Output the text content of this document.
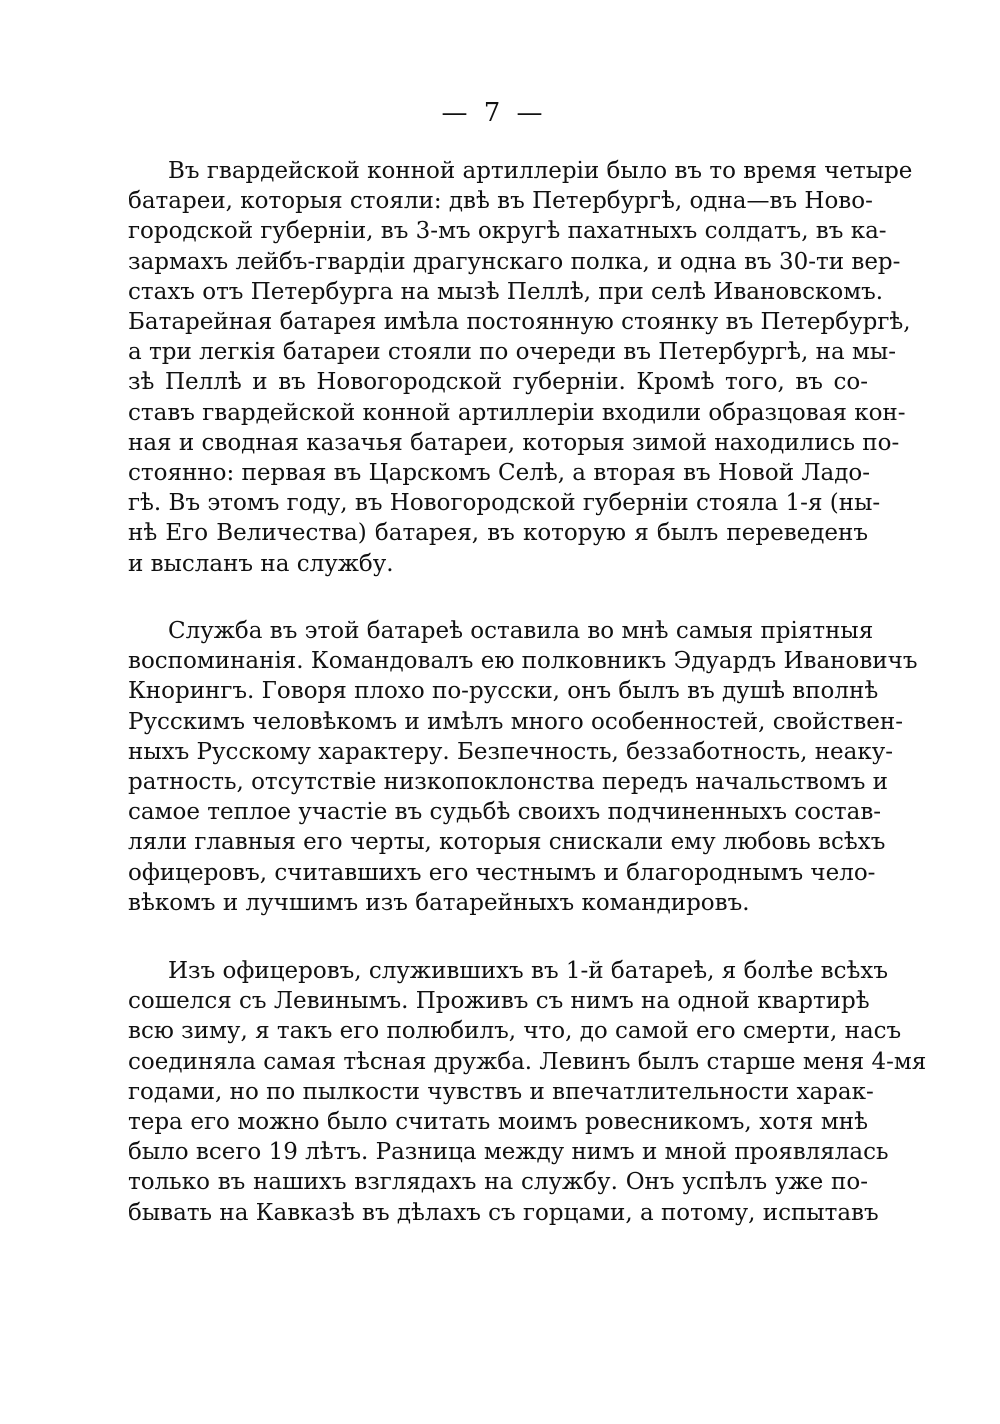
— 7 —
Въ гвардейской конной артиллеріи было въ то время четыре
батареи, которыя стояли: двѣ въ Петербургѣ, одна—въ Ново-
городской губерніи, въ 3-мъ округѣ пахатныхъ солдатъ, въ ка-
зармахъ лейбъ-гвардіи драгунскаго полка, и одна въ 30-ти вер-
стахъ отъ Петербурга на мызѣ Пеллѣ, при селѣ Ивановскомъ.
Батарейная батарея имѣла постоянную стоянку въ Петербургѣ,
а три легкія батареи стояли по очереди въ Петербургѣ, на мы-
зѣ Пеллѣ и въ Новогородской губерніи. Кромѣ того, въ со-
ставъ гвардейской конной артиллеріи входили образцовая кон-
ная и сводная казачья батареи, которыя зимой находились по-
стоянно: первая въ Царскомъ Селѣ, а вторая въ Новой Ладо-
гѣ. Въ этомъ году, въ Новогородской губерніи стояла 1-я (ны-
нѣ Его Величества) батарея, въ которую я былъ переведенъ
и высланъ на службу.
Служба въ этой батареѣ оставила во мнѣ самыя пріятныя
воспоминанія. Командовалъ ею полковникъ Эдуардъ Ивановичъ
Кнорингъ. Говоря плохо по-русски, онъ былъ въ душѣ вполнѣ
Русскимъ человѣкомъ и имѣлъ много особенностей, свойствен-
ныхъ Русскому характеру. Безпечность, беззаботность, неаку-
ратность, отсутствіе низкопоклонства передъ начальствомъ и
самое теплое участіе въ судьбѣ своихъ подчиненныхъ состав-
ляли главныя его черты, которыя снискали ему любовь всѣхъ
офицеровъ, считавшихъ его честнымъ и благороднымъ чело-
вѣкомъ и лучшимъ изъ батарейныхъ командировъ.
Изъ офицеровъ, служившихъ въ 1-й батареѣ, я болѣе всѣхъ
сошелся съ Левинымъ. Проживъ съ нимъ на одной квартирѣ
всю зиму, я такъ его полюбилъ, что, до самой его смерти, насъ
соединяла самая тѣсная дружба. Левинъ былъ старше меня 4-мя
годами, но по пылкости чувствъ и впечатлительности харак-
тера его можно было считать моимъ ровесникомъ, хотя мнѣ
было всего 19 лѣтъ. Разница между нимъ и мной проявлялась
только въ нашихъ взглядахъ на службу. Онъ успѣлъ уже по-
бывать на Кавказѣ въ дѣлахъ съ горцами, а потому, испытавъ
